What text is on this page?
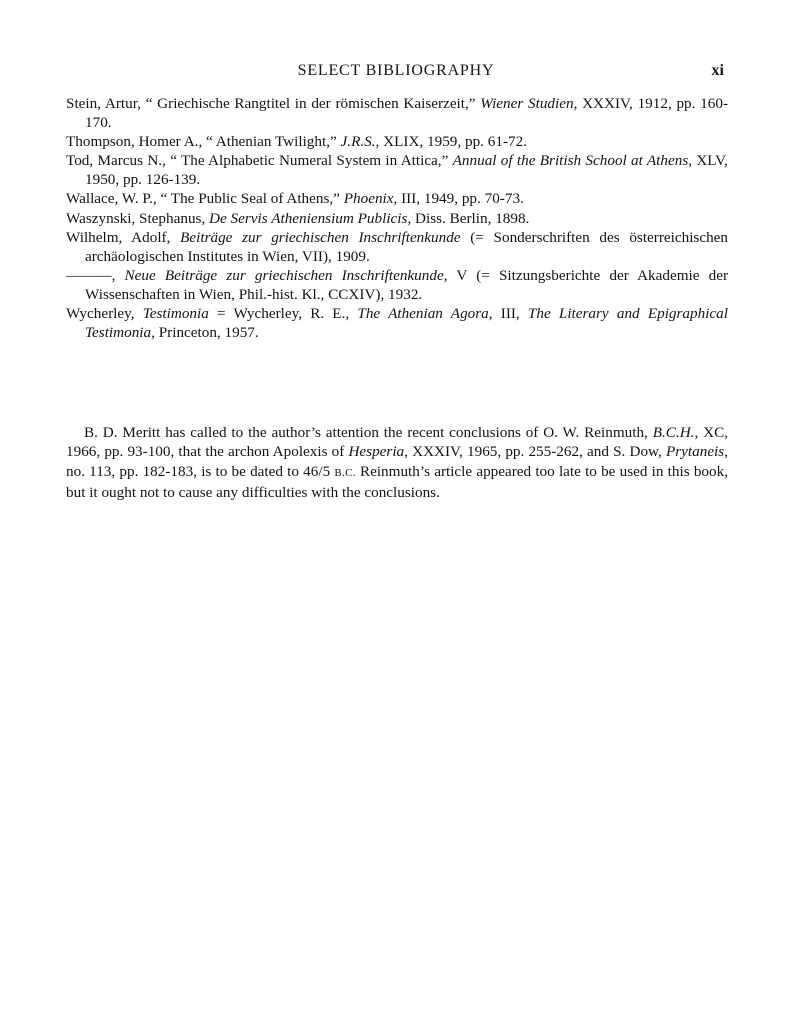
SELECT BIBLIOGRAPHY	xi
Stein, Artur, “ Griechische Rangtitel in der römischen Kaiserzeit,” Wiener Studien, XXXIV, 1912, pp. 160-170.
Thompson, Homer A., “ Athenian Twilight,” J.R.S., XLIX, 1959, pp. 61-72.
Tod, Marcus N., “ The Alphabetic Numeral System in Attica,” Annual of the British School at Athens, XLV, 1950, pp. 126-139.
Wallace, W. P., “ The Public Seal of Athens,” Phoenix, III, 1949, pp. 70-73.
Waszynski, Stephanus, De Servis Atheniensium Publicis, Diss. Berlin, 1898.
Wilhelm, Adolf, Beiträge zur griechischen Inschriftenkunde (= Sonderschriften des österreichischen archäologischen Institutes in Wien, VII), 1909.
———, Neue Beiträge zur griechischen Inschriftenkunde, V (= Sitzungsberichte der Akademie der Wissenschaften in Wien, Phil.-hist. Kl., CCXIV), 1932.
Wycherley, Testimonia = Wycherley, R. E., The Athenian Agora, III, The Literary and Epigraphical Testimonia, Princeton, 1957.

B. D. Meritt has called to the author’s attention the recent conclusions of O. W. Reinmuth, B.C.H., XC, 1966, pp. 93-100, that the archon Apolexis of Hesperia, XXXIV, 1965, pp. 255-262, and S. Dow, Prytaneis, no. 113, pp. 182-183, is to be dated to 46/5 B.C. Reinmuth’s article appeared too late to be used in this book, but it ought not to cause any difficulties with the conclusions.
